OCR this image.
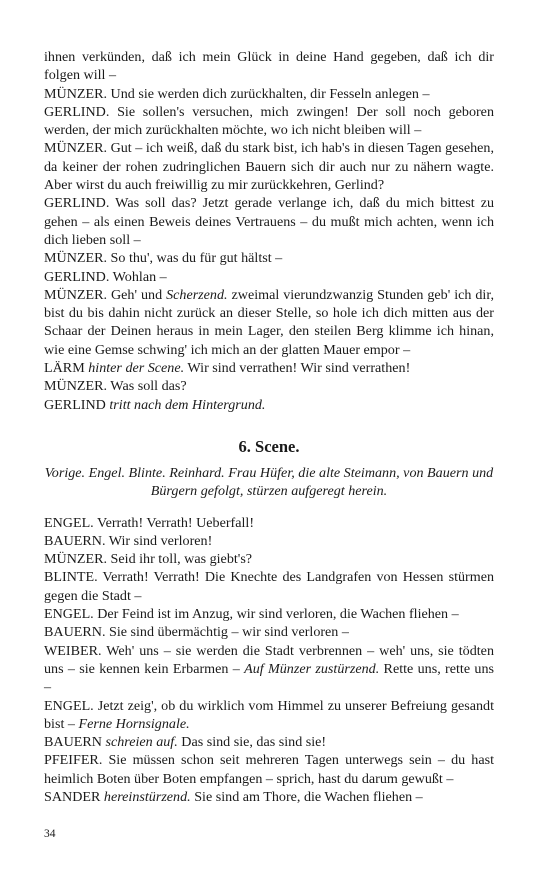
ihnen verkünden, daß ich mein Glück in deine Hand gegeben, daß ich dir folgen will –

MÜNZER. Und sie werden dich zurückhalten, dir Fesseln anlegen –

GERLIND. Sie sollen's versuchen, mich zwingen! Der soll noch geboren werden, der mich zurückhalten möchte, wo ich nicht bleiben will –

MÜNZER. Gut – ich weiß, daß du stark bist, ich hab's in diesen Tagen gesehen, da keiner der rohen zudringlichen Bauern sich dir auch nur zu nähern wagte. Aber wirst du auch freiwillig zu mir zurückkehren, Gerlind?

GERLIND. Was soll das? Jetzt gerade verlange ich, daß du mich bittest zu gehen – als einen Beweis deines Vertrauens – du mußt mich achten, wenn ich dich lieben soll –

MÜNZER. So thu', was du für gut hältst –

GERLIND. Wohlan –

MÜNZER. Geh' und Scherzend. zweimal vierundzwanzig Stunden geb' ich dir, bist du bis dahin nicht zurück an dieser Stelle, so hole ich dich mitten aus der Schaar der Deinen heraus in mein Lager, den steilen Berg klimme ich hinan, wie eine Gemse schwing' ich mich an der glatten Mauer empor –

LÄRM hinter der Scene. Wir sind verrathen! Wir sind verrathen!

MÜNZER. Was soll das?

GERLIND tritt nach dem Hintergrund.

6. Scene.

Vorige. Engel. Blinte. Reinhard. Frau Hüfer, die alte Steimann, von Bauern und Bürgern gefolgt, stürzen aufgeregt herein.

ENGEL. Verrath! Verrath! Ueberfall!

BAUERN. Wir sind verloren!

MÜNZER. Seid ihr toll, was giebt's?

BLINTE. Verrath! Verrath! Die Knechte des Landgrafen von Hessen stürmen gegen die Stadt –

ENGEL. Der Feind ist im Anzug, wir sind verloren, die Wachen fliehen –

BAUERN. Sie sind übermächtig – wir sind verloren –

WEIBER. Weh' uns – sie werden die Stadt verbrennen – weh' uns, sie tödten uns – sie kennen kein Erbarmen – Auf Münzer zustürzend. Rette uns, rette uns –

ENGEL. Jetzt zeig', ob du wirklich vom Himmel zu unserer Befreiung gesandt bist – Ferne Hornsignale.

BAUERN schreien auf. Das sind sie, das sind sie!

PFEIFER. Sie müssen schon seit mehreren Tagen unterwegs sein – du hast heimlich Boten über Boten empfangen – sprich, hast du darum gewußt –

SANDER hereinstürzend. Sie sind am Thore, die Wachen fliehen –

34
